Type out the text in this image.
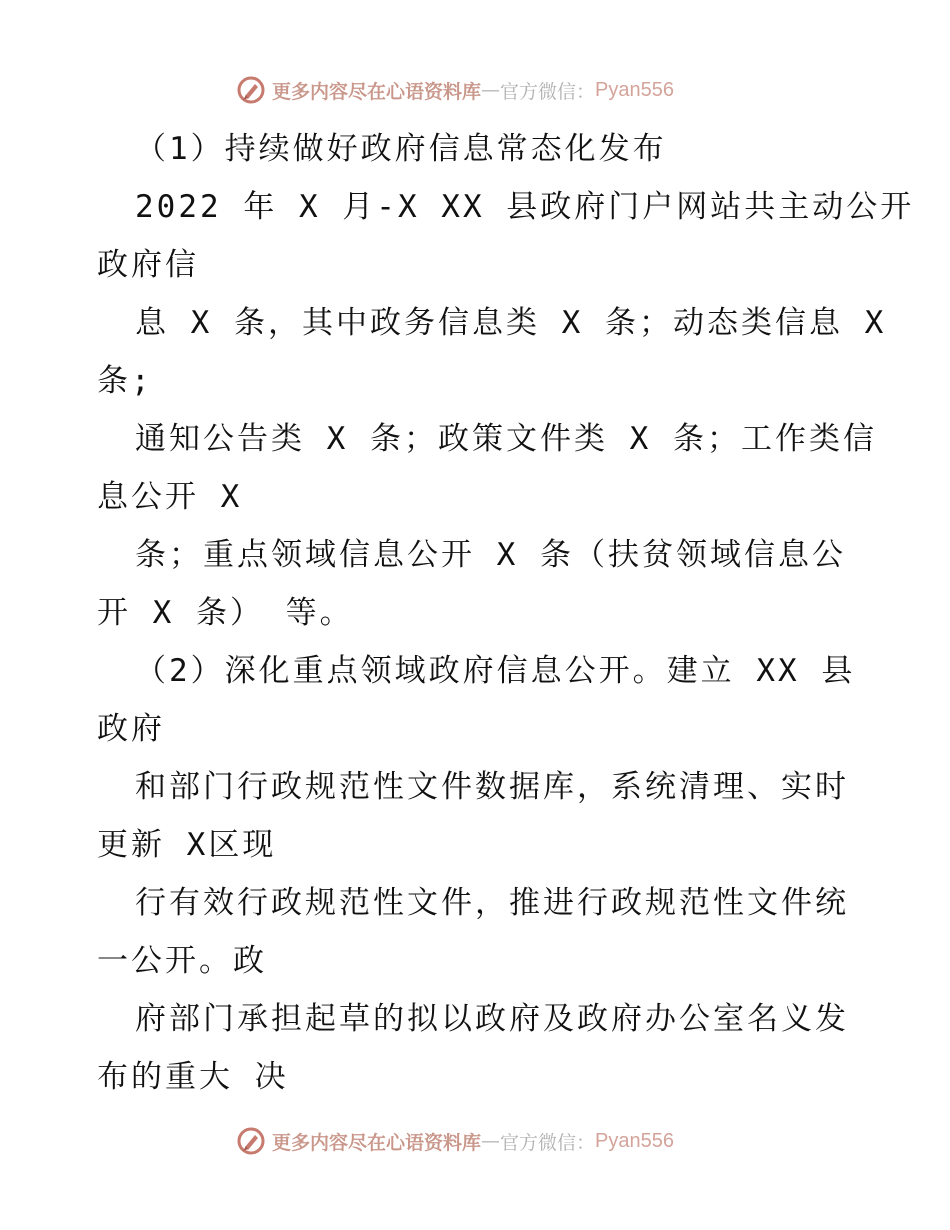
更多内容尽在心语资料库 — 官方微信： Pyan556
（1）持续做好政府信息常态化发布
2022 年 X 月-X XX 县政府门户网站共主动公开
政府信
息 X 条，其中政务信息类 X 条；动态类信息 X
条;
通知公告类 X 条；政策文件类 X 条；工作类信
息公开 X
条；重点领域信息公开 X 条（扶贫领域信息公
开 X 条） 等。
（2）深化重点领域政府信息公开。建立 XX 县
政府
和部门行政规范性文件数据库，系统清理、实时
更新 X区现
行有效行政规范性文件，推进行政规范性文件统
一公开。政
府部门承担起草的拟以政府及政府办公室名义发
布的重大 决
更多内容尽在心语资料库 — 官方微信： Pyan556
